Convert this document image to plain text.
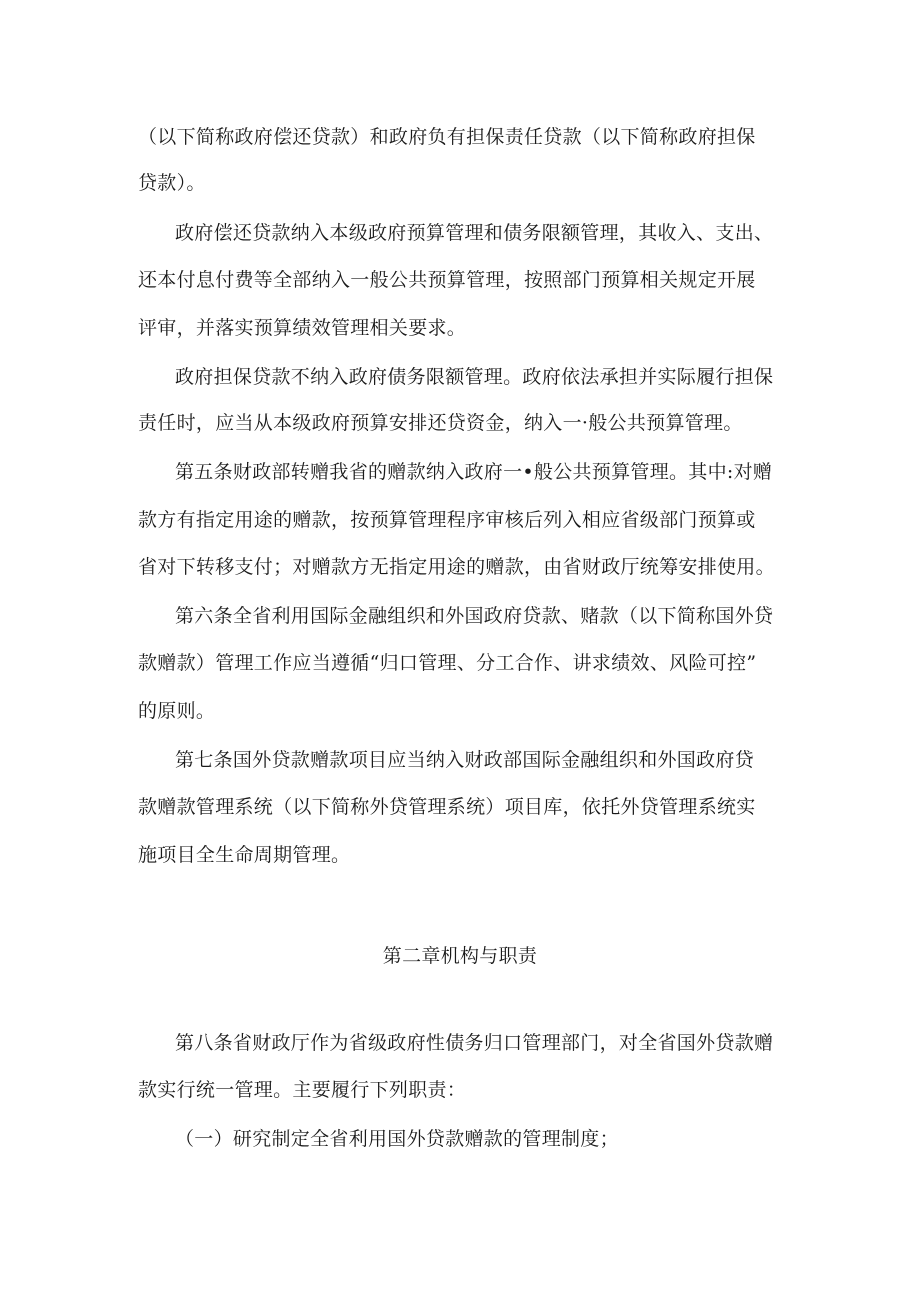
（以下简称政府偿还贷款）和政府负有担保责任贷款（以下简称政府担保
贷款）。
政府偿还贷款纳入本级政府预算管理和债务限额管理，其收入、支出、
还本付息付费等全部纳入一般公共预算管理，按照部门预算相关规定开展
评审，并落实预算绩效管理相关要求。
政府担保贷款不纳入政府债务限额管理。政府依法承担并实际履行担保
责任时，应当从本级政府预算安排还贷资金，纳入一·般公共预算管理。
第五条财政部转赠我省的赠款纳入政府一•般公共预算管理。其中:对赠
款方有指定用途的赠款，按预算管理程序审核后列入相应省级部门预算或
省对下转移支付；对赠款方无指定用途的赠款，由省财政厅统筹安排使用。
第六条全省利用国际金融组织和外国政府贷款、赌款（以下简称国外贷
款赠款）管理工作应当遵循“归口管理、分工合作、讲求绩效、风险可控”
的原则。
第七条国外贷款赠款项目应当纳入财政部国际金融组织和外国政府贷
款赠款管理系统（以下简称外贷管理系统）项目库，依托外贷管理系统实
施项目全生命周期管理。
第二章机构与职责
第八条省财政厅作为省级政府性债务归口管理部门，对全省国外贷款赠
款实行统一管理。主要履行下列职责：
（一）研究制定全省利用国外贷款赠款的管理制度；
